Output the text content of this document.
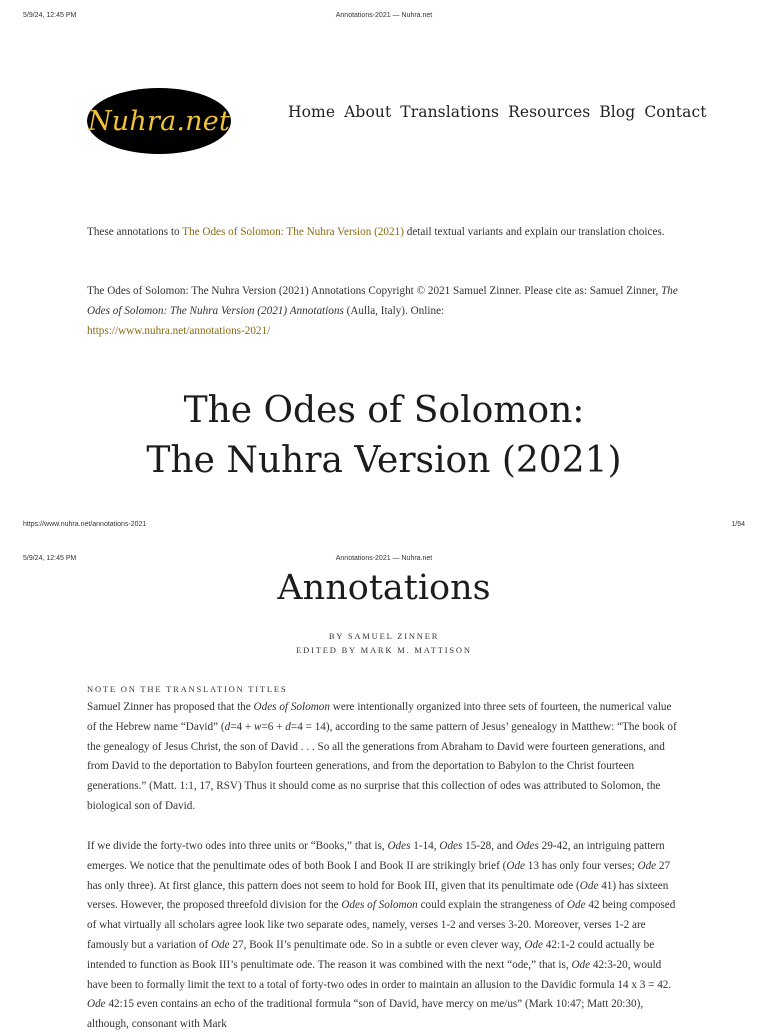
5/9/24, 12:45 PM	Annotations-2021 — Nuhra.net
Nuhra.net	Home About Translations Resources Blog Contact
These annotations to The Odes of Solomon: The Nuhra Version (2021) detail textual variants and explain our translation choices.
The Odes of Solomon: The Nuhra Version (2021) Annotations Copyright © 2021 Samuel Zinner. Please cite as: Samuel Zinner, The Odes of Solomon: The Nuhra Version (2021) Annotations (Aulla, Italy). Online:
https://www.nuhra.net/annotations-2021/
The Odes of Solomon:
The Nuhra Version (2021)
https://www.nuhra.net/annotations-2021	1/54
5/9/24, 12:45 PM	Annotations-2021 — Nuhra.net
Annotations
BY SAMUEL ZINNER
EDITED BY MARK M. MATTISON
NOTE ON THE TRANSLATION TITLES

Samuel Zinner has proposed that the Odes of Solomon were intentionally organized into three sets of fourteen, the numerical value of the Hebrew name “David” (d=4 + w=6 + d=4 = 14), according to the same pattern of Jesus’ genealogy in Matthew: “The book of the genealogy of Jesus Christ, the son of David . . . So all the generations from Abraham to David were fourteen generations, and from David to the deportation to Babylon fourteen generations, and from the deportation to Babylon to the Christ fourteen generations.” (Matt. 1:1, 17, RSV) Thus it should come as no surprise that this collection of odes was attributed to Solomon, the biological son of David.

If we divide the forty-two odes into three units or “Books,” that is, Odes 1-14, Odes 15-28, and Odes 29-42, an intriguing pattern emerges. We notice that the penultimate odes of both Book I and Book II are strikingly brief (Ode 13 has only four verses; Ode 27 has only three). At first glance, this pattern does not seem to hold for Book III, given that its penultimate ode (Ode 41) has sixteen verses. However, the proposed threefold division for the Odes of Solomon could explain the strangeness of Ode 42 being composed of what virtually all scholars agree look like two separate odes, namely, verses 1-2 and verses 3-20. Moreover, verses 1-2 are famously but a variation of Ode 27, Book II’s penultimate ode. So in a subtle or even clever way, Ode 42:1-2 could actually be intended to function as Book III’s penultimate ode. The reason it was combined with the next “ode,” that is, Ode 42:3-20, would have been to formally limit the text to a total of forty-two odes in order to maintain an allusion to the Davidic formula 14 x 3 = 42. Ode 42:15 even contains an echo of the traditional formula “son of David, have mercy on me/us” (Mark 10:47; Matt 20:30), although, consonant with Mark
